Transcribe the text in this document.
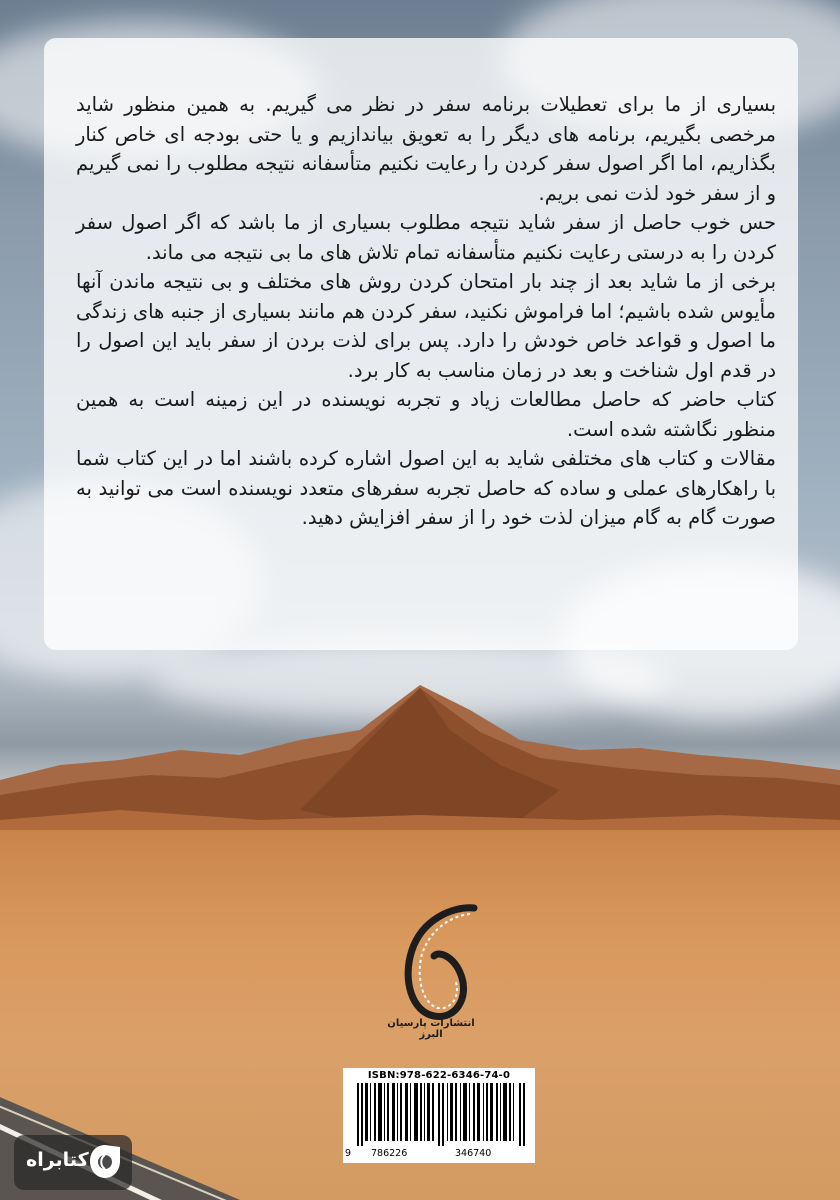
بسیاری از ما برای تعطیلات برنامه سفر در نظر می گیریم. به همین منظور شاید مرخصی بگیریم، برنامه های دیگر را به تعویق بیاندازیم و یا حتی بودجه ای خاص کنار بگذاریم، اما اگر اصول سفر کردن را رعایت نکنیم متأسفانه نتیجه مطلوب را نمی گیریم و از سفر خود لذت نمی بریم.

حس خوب حاصل از سفر شاید نتیجه مطلوب بسیاری از ما باشد که اگر اصول سفر کردن را به درستی رعایت نکنیم متأسفانه تمام تلاش های ما بی نتیجه می ماند.

برخی از ما شاید بعد از چند بار امتحان کردن روش های مختلف و بی نتیجه ماندن آنها مأیوس شده باشیم؛ اما فراموش نکنید، سفر کردن هم مانند بسیاری از جنبه های زندگی ما اصول و قواعد خاص خودش را دارد. پس برای لذت بردن از سفر باید این اصول را در قدم اول شناخت و بعد در زمان مناسب به کار برد.

کتاب حاضر که حاصل مطالعات زیاد و تجربه نویسنده در این زمینه است به همین منظور نگاشته شده است.

مقالات و کتاب های مختلفی شاید به این اصول اشاره کرده باشند اما در این کتاب شما با راهکارهای عملی و ساده که حاصل تجربه سفرهای متعدد نویسنده است می توانید به صورت گام به گام میزان لذت خود را از سفر افزایش دهید.

انتشارات پارسیان البرز
ISBN:978-622-6346-74-0
9 786226	346740
کتابراه
